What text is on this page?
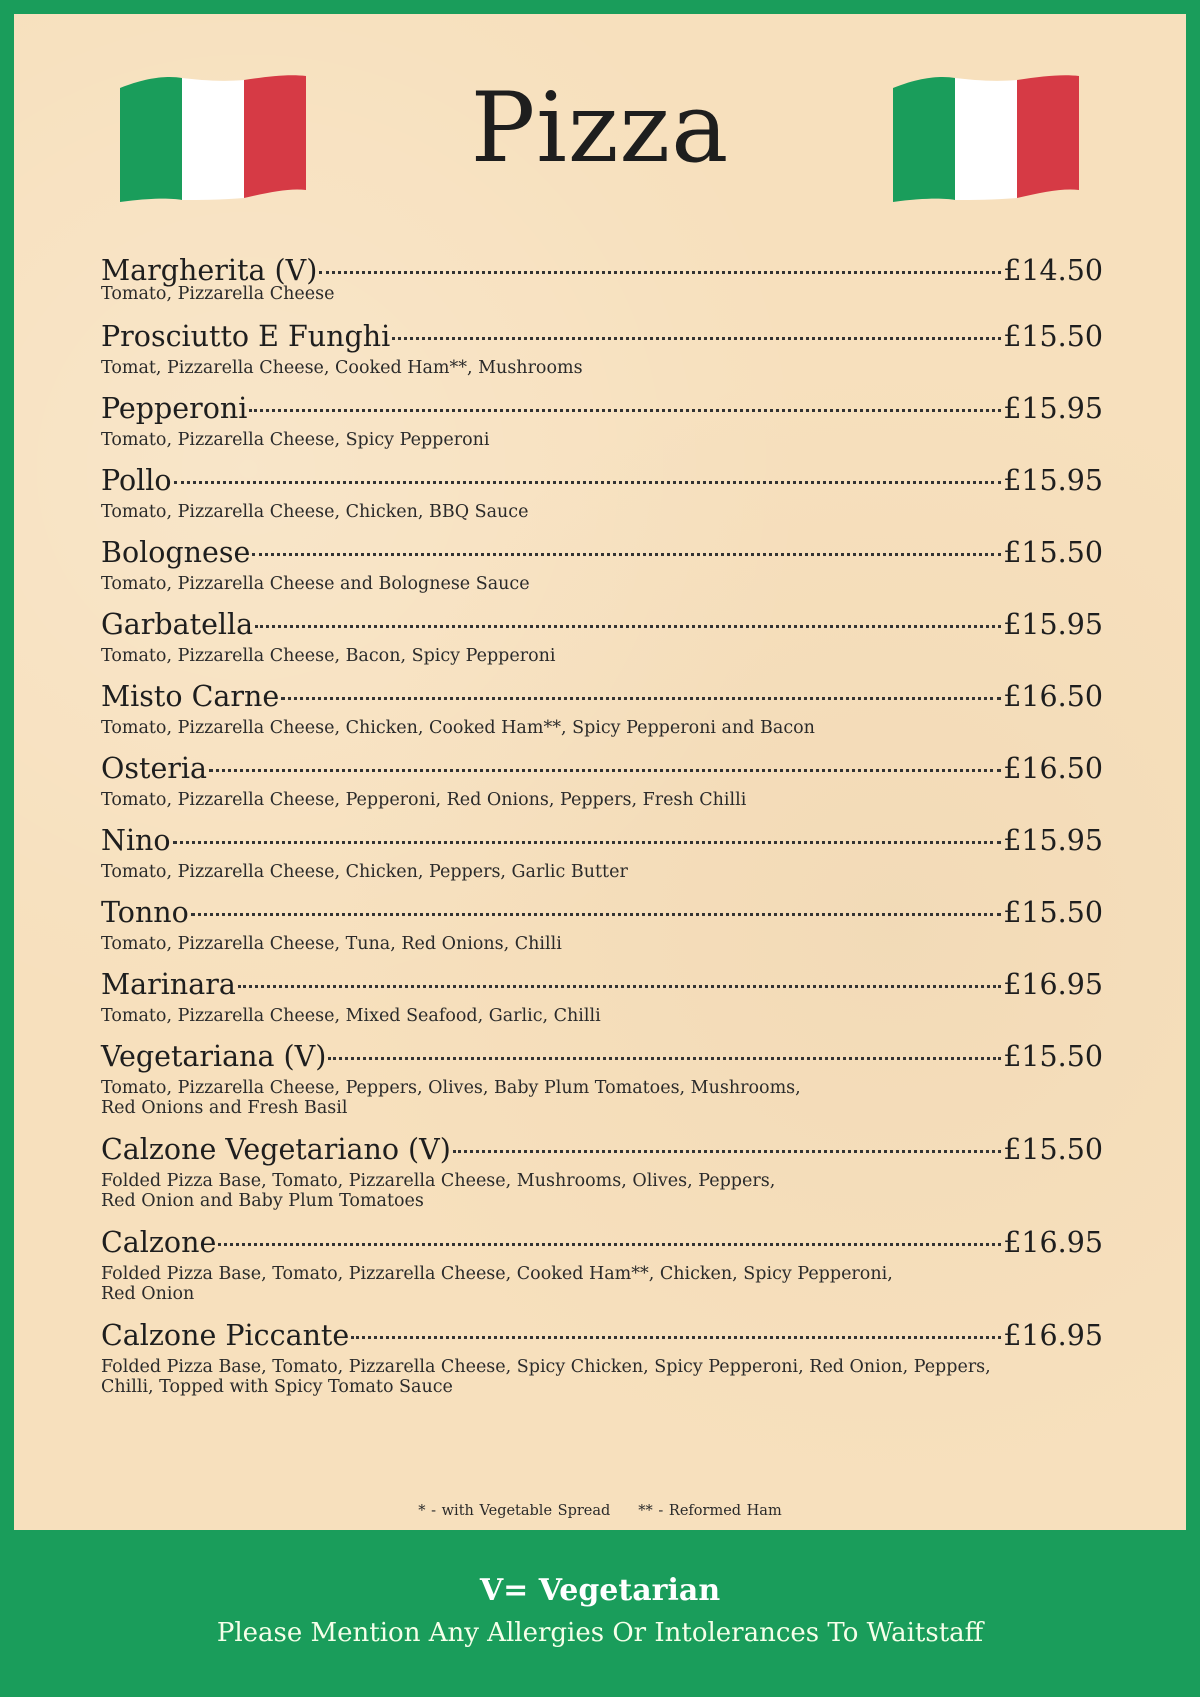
Pizza
Margherita (V)	£14.50
Tomato, Pizzarella Cheese
Prosciutto E Funghi	£15.50
Tomat, Pizzarella Cheese, Cooked Ham**, Mushrooms
Pepperoni	£15.95
Tomato, Pizzarella Cheese, Spicy Pepperoni
Pollo	£15.95
Tomato, Pizzarella Cheese, Chicken, BBQ Sauce
Bolognese	£15.50
Tomato, Pizzarella Cheese and Bolognese Sauce
Garbatella	£15.95
Tomato, Pizzarella Cheese, Bacon, Spicy Pepperoni
Misto Carne	£16.50
Tomato, Pizzarella Cheese, Chicken, Cooked Ham**, Spicy Pepperoni and Bacon
Osteria	£16.50
Tomato, Pizzarella Cheese, Pepperoni, Red Onions, Peppers, Fresh Chilli
Nino	£15.95
Tomato, Pizzarella Cheese, Chicken, Peppers, Garlic Butter
Tonno	£15.50
Tomato, Pizzarella Cheese, Tuna, Red Onions, Chilli
Marinara	£16.95
Tomato, Pizzarella Cheese, Mixed Seafood, Garlic, Chilli
Vegetariana (V)	£15.50
Tomato, Pizzarella Cheese, Peppers, Olives, Baby Plum Tomatoes, Mushrooms,
Red Onions and Fresh Basil
Calzone Vegetariano (V)	£15.50
Folded Pizza Base, Tomato, Pizzarella Cheese, Mushrooms, Olives, Peppers,
Red Onion and Baby Plum Tomatoes
Calzone	£16.95
Folded Pizza Base, Tomato, Pizzarella Cheese, Cooked Ham**, Chicken, Spicy Pepperoni,
Red Onion
Calzone Piccante	£16.95
Folded Pizza Base, Tomato, Pizzarella Cheese, Spicy Chicken, Spicy Pepperoni, Red Onion, Peppers,
Chilli, Topped with Spicy Tomato Sauce
* - with Vegetable Spread ** - Reformed Ham
V= Vegetarian
Please Mention Any Allergies Or Intolerances To Waitstaff
